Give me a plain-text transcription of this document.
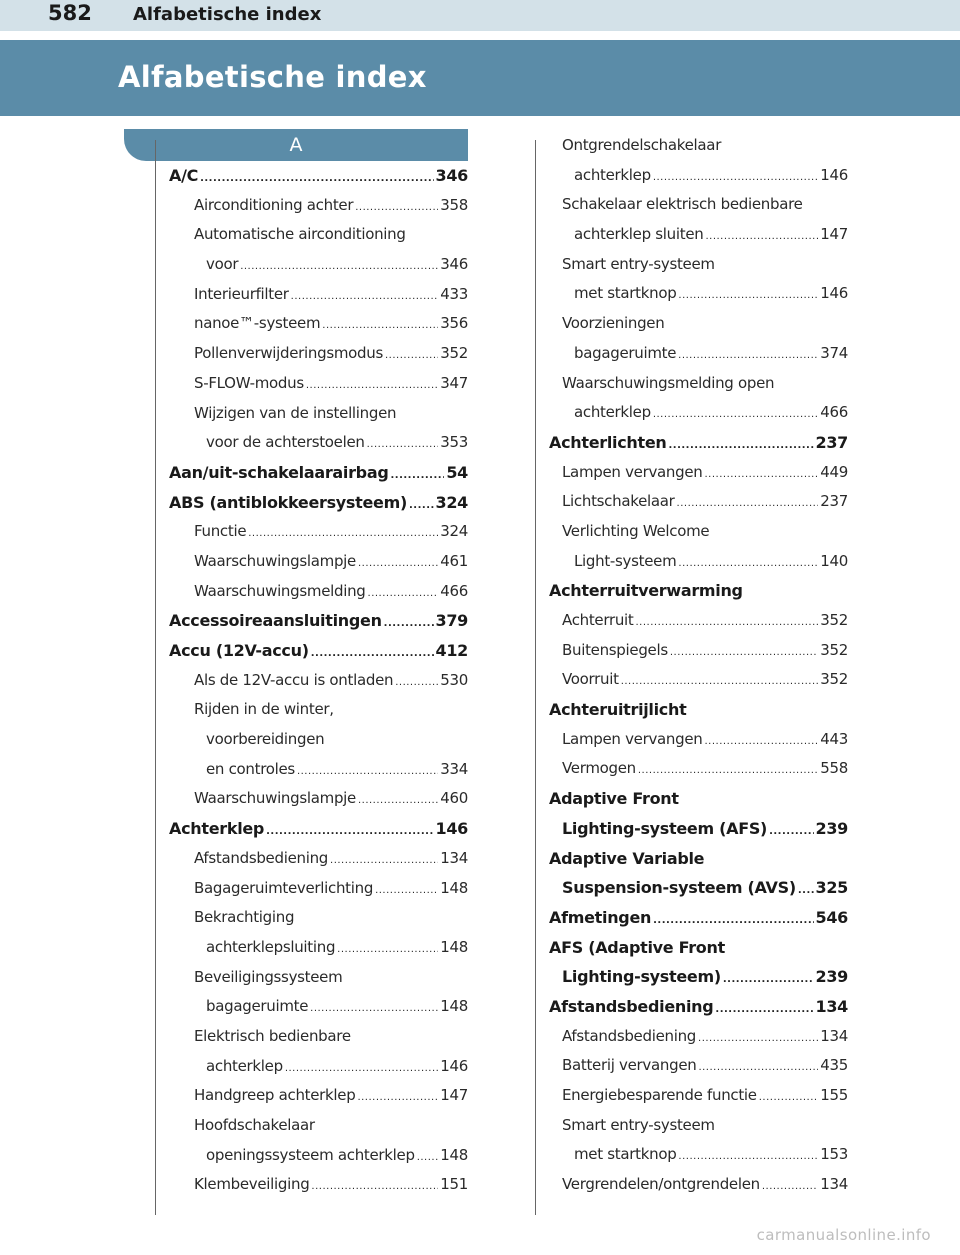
582 Alfabetische index
Alfabetische index
A
A/C .....	346
Airconditioning achter .....	358
Automatische airconditioning
voor .....	346
Interieurfilter .....	433
nanoe™-systeem .....	356
Pollenverwijderingsmodus .....	352
S-FLOW-modus .....	347
Wijzigen van de instellingen
voor de achterstoelen .....	353
Aan/uit-schakelaarairbag .....	54
ABS (antiblokkeersysteem) ..... 324
Functie .....	324
Waarschuwingslampje .....	461
Waarschuwingsmelding .....	466
Accessoireaansluitingen .....	379
Accu (12V-accu) .....	412
Als de 12V-accu is ontladen .....	530
Rijden in de winter,
voorbereidingen
en controles .....	334
Waarschuwingslampje .....	460
Achterklep .....	146
Afstandsbediening .....	134
Bagageruimteverlichting .....	148
Bekrachtiging
achterklepsluiting .....	148
Beveiligingssysteem
bagageruimte .....	148
Elektrisch bedienbare
achterklep .....	146
Handgreep achterklep .....	147
Hoofdschakelaar
openingssysteem achterklep ..... 148
Klembeveiliging .....	151
Ontgrendelschakelaar
achterklep .....	146
Schakelaar elektrisch bedienbare
achterklep sluiten .....	147
Smart entry-systeem
met startknop .....	146
Voorzieningen
bagageruimte .....	374
Waarschuwingsmelding open
achterklep .....	466
Achterlichten .....	237
Lampen vervangen .....	449
Lichtschakelaar .....	237
Verlichting Welcome
Light-systeem .....	140
Achterruitverwarming
Achterruit .....	352
Buitenspiegels .....	352
Voorruit .....	352
Achteruitrijlicht
Lampen vervangen .....	443
Vermogen .....	558
Adaptive Front
Lighting-systeem (AFS) .....	239
Adaptive Variable
Suspension-systeem (AVS) ..... 325
Afmetingen .....	546
AFS (Adaptive Front
Lighting-systeem) .....	239
Afstandsbediening .....	134
Afstandsbediening .....	134
Batterij vervangen .....	435
Energiebesparende functie .....	155
Smart entry-systeem
met startknop .....	153
Vergrendelen/ontgrendelen .....	134
carmanualsonline.info
